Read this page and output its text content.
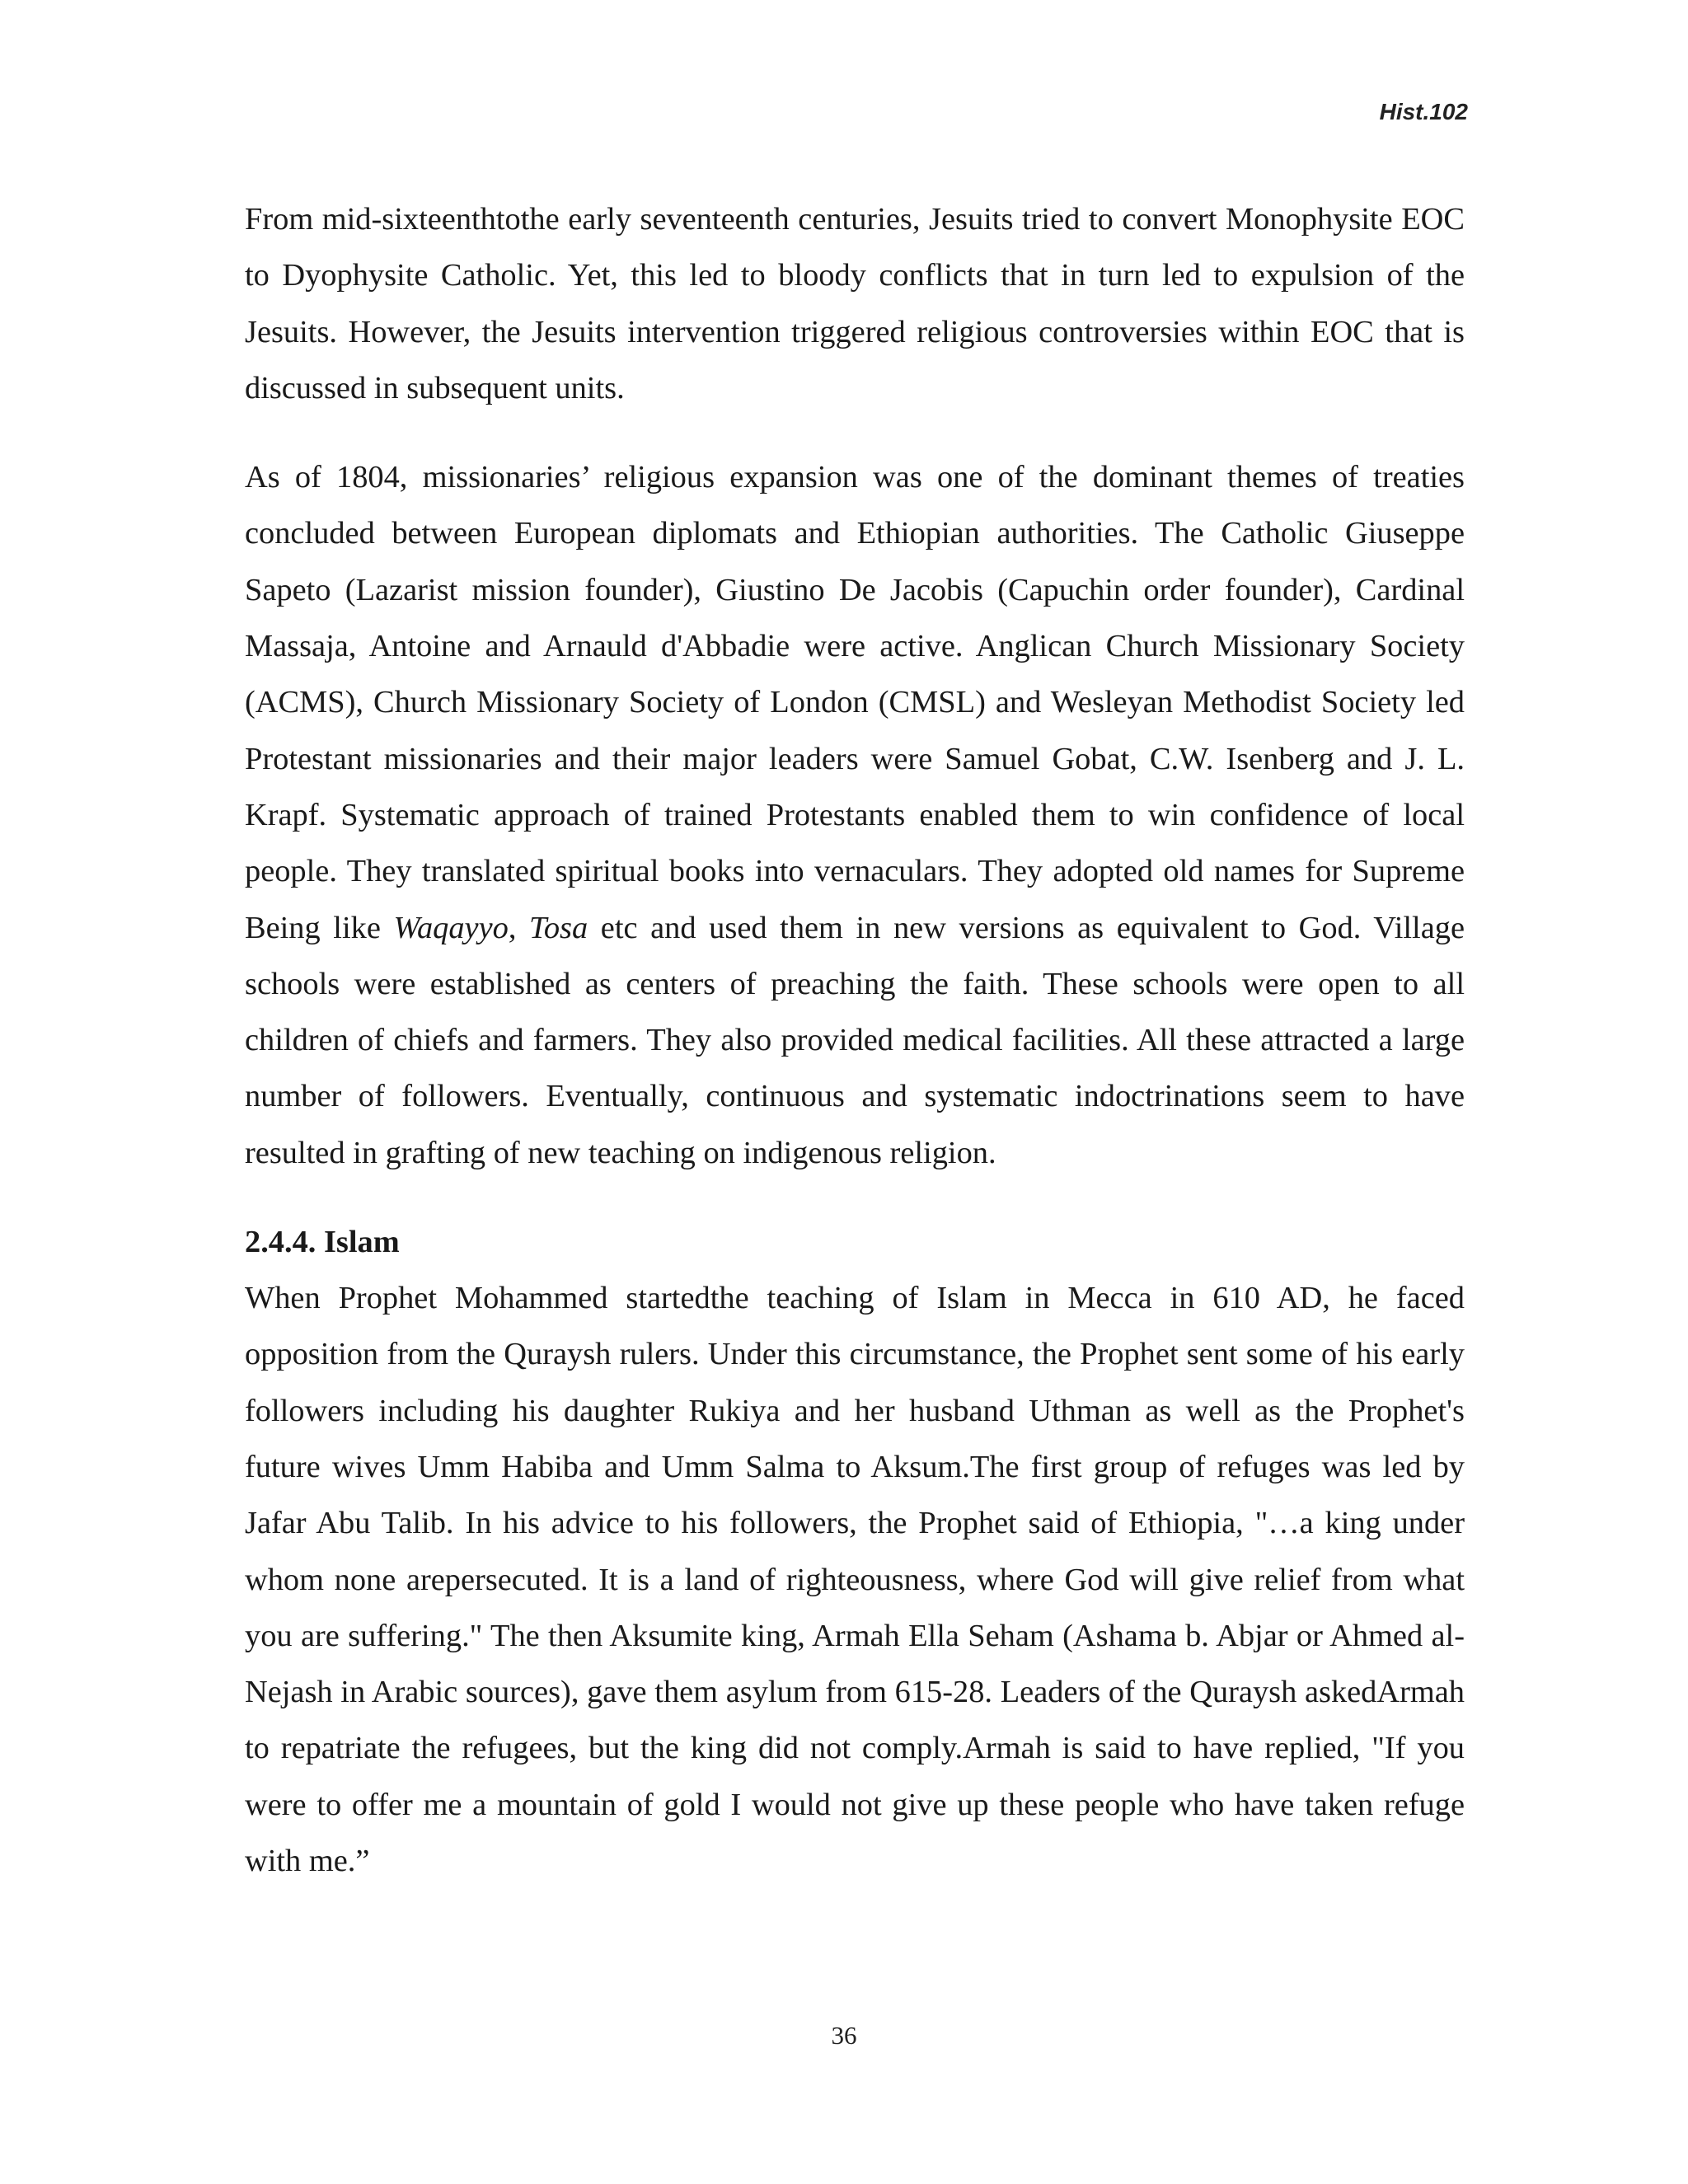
Hist.102

From mid-sixteenthtothe early seventeenth centuries, Jesuits tried to convert Monophysite EOC to Dyophysite Catholic. Yet, this led to bloody conflicts that in turn led to expulsion of the Jesuits. However, the Jesuits intervention triggered religious controversies within EOC that is discussed in subsequent units.

As of 1804, missionaries’ religious expansion was one of the dominant themes of treaties concluded between European diplomats and Ethiopian authorities. The Catholic Giuseppe Sapeto (Lazarist mission founder), Giustino De Jacobis (Capuchin order founder), Cardinal Massaja, Antoine and Arnauld d'Abbadie were active. Anglican Church Missionary Society (ACMS), Church Missionary Society of London (CMSL) and Wesleyan Methodist Society led Protestant missionaries and their major leaders were Samuel Gobat, C.W. Isenberg and J. L. Krapf. Systematic approach of trained Protestants enabled them to win confidence of local people. They translated spiritual books into vernaculars. They adopted old names for Supreme Being like Waqayyo, Tosa etc and used them in new versions as equivalent to God. Village schools were established as centers of preaching the faith. These schools were open to all children of chiefs and farmers. They also provided medical facilities. All these attracted a large number of followers. Eventually, continuous and systematic indoctrinations seem to have resulted in grafting of new teaching on indigenous religion.

2.4.4. Islam

When Prophet Mohammed startedthe teaching of Islam in Mecca in 610 AD, he faced opposition from the Quraysh rulers. Under this circumstance, the Prophet sent some of his early followers including his daughter Rukiya and her husband Uthman as well as the Prophet's future wives Umm Habiba and Umm Salma to Aksum.The first group of refuges was led by Jafar Abu Talib. In his advice to his followers, the Prophet said of Ethiopia, "…a king under whom none arepersecuted. It is a land of righteousness, where God will give relief from what you are suffering." The then Aksumite king, Armah Ella Seham (Ashama b. Abjar or Ahmed al-Nejash in Arabic sources), gave them asylum from 615-28. Leaders of the Quraysh askedArmah to repatriate the refugees, but the king did not comply.Armah is said to have replied, "If you were to offer me a mountain of gold I would not give up these people who have taken refuge with me.”

36
